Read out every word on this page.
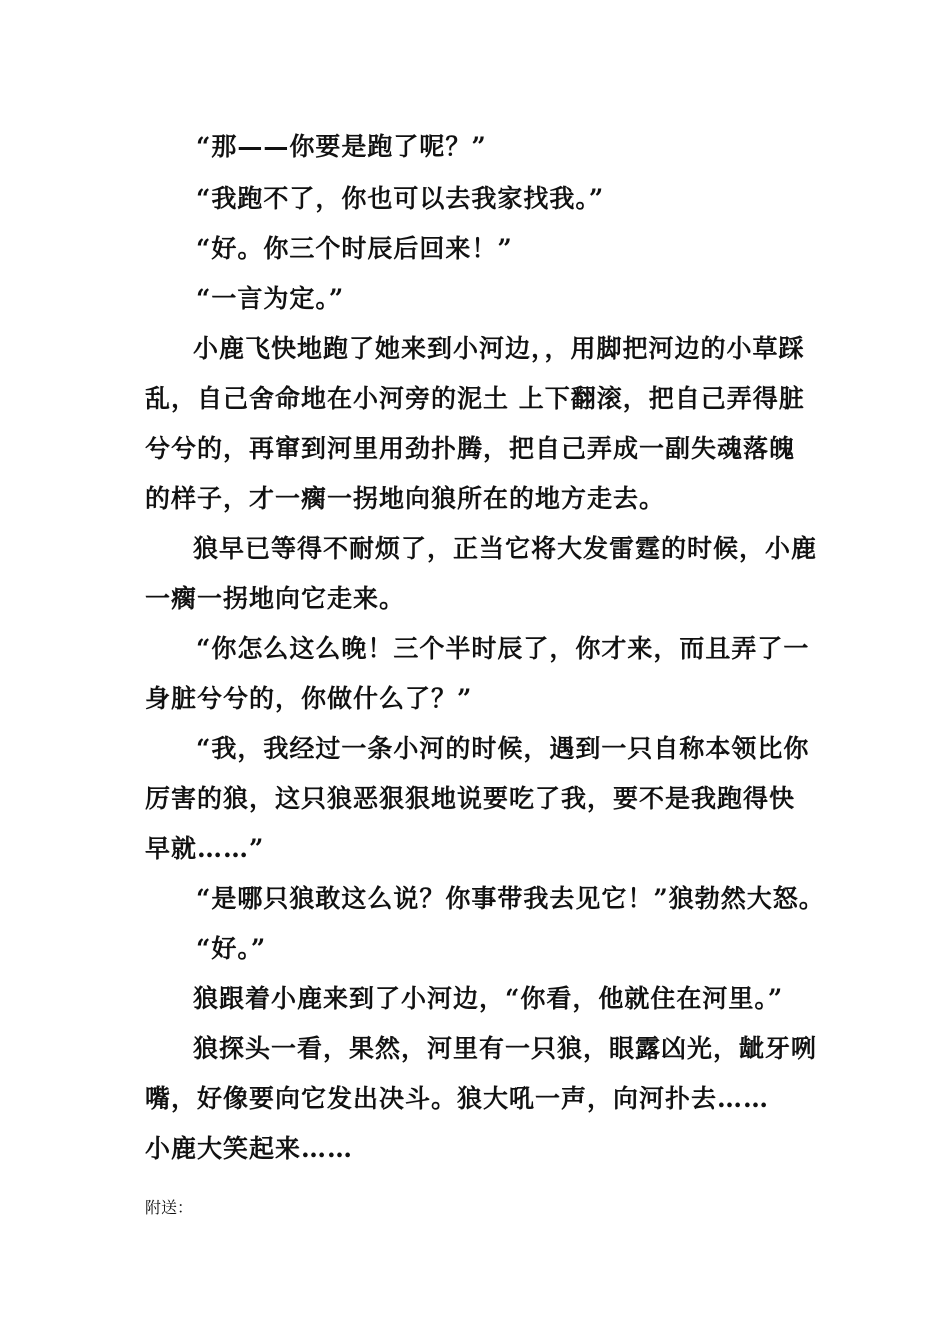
“那——你要是跑了呢？”
“我跑不了，你也可以去我家找我。”
“好。你三个时辰后回来！”
“一言为定。”
小鹿飞快地跑了她来到小河边，，用脚把河边的小草踩
乱，自己舍命地在小河旁的泥土 上下翻滚，把自己弄得脏
兮兮的，再窜到河里用劲扑腾，把自己弄成一副失魂落魄
的样子，才一瘸一拐地向狼所在的地方走去。
狼早已等得不耐烦了，正当它将大发雷霆的时候，小鹿
一瘸一拐地向它走来。
“你怎么这么晚！三个半时辰了，你才来，而且弄了一
身脏兮兮的，你做什么了？”
“我，我经过一条小河的时候，遇到一只自称本领比你
厉害的狼，这只狼恶狠狠地说要吃了我，要不是我跑得快
早就……”
“是哪只狼敢这么说？你事带我去见它！”狼勃然大怒。
“好。”
狼跟着小鹿来到了小河边，“你看，他就住在河里。”
狼探头一看，果然，河里有一只狼，眼露凶光，龇牙咧
嘴，好像要向它发出决斗。狼大吼一声，向河扑去……
小鹿大笑起来……
附送：
